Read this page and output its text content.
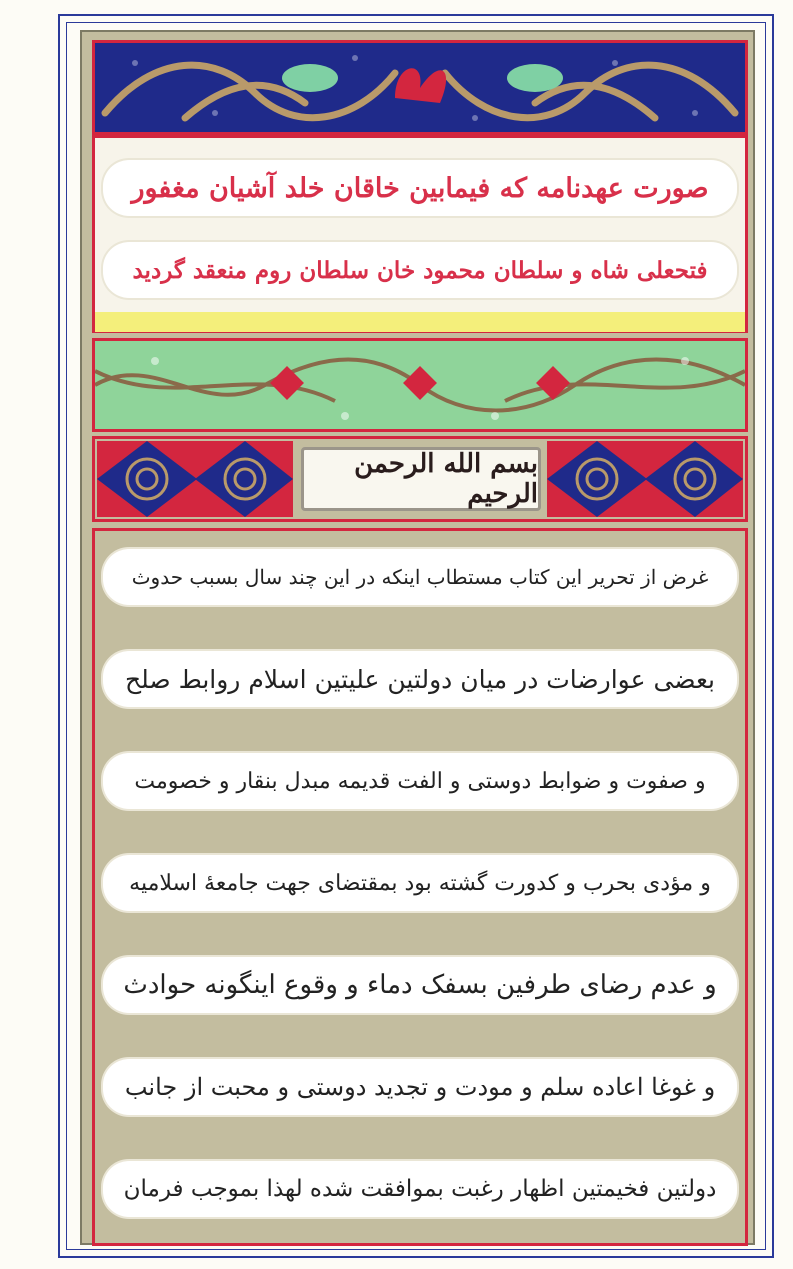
صورت عهدنامه که فیمابین خاقان خلد آشیان مغفور
فتحعلی شاه و سلطان محمود خان سلطان روم منعقد گردید
بسم الله الرحمن الرحیم
غرض از تحریر این کتاب مستطاب اینکه در این چند سال بسبب حدوث
بعضی عوارضات در میان دولتین علیتین اسلام روابط صلح
و صفوت و ضوابط دوستی و الفت قدیمه مبدل بنقار و خصومت
و مؤدی بحرب و کدورت گشته بود بمقتضای جهت جامعهٔ اسلامیه
و عدم رضای طرفین بسفک دماء و وقوع اینگونه حوادث
و غوغا اعاده سلم و مودت و تجدید دوستی و محبت از جانب
دولتین فخیمتین اظهار رغبت بموافقت شده لهذا بموجب فرمان
